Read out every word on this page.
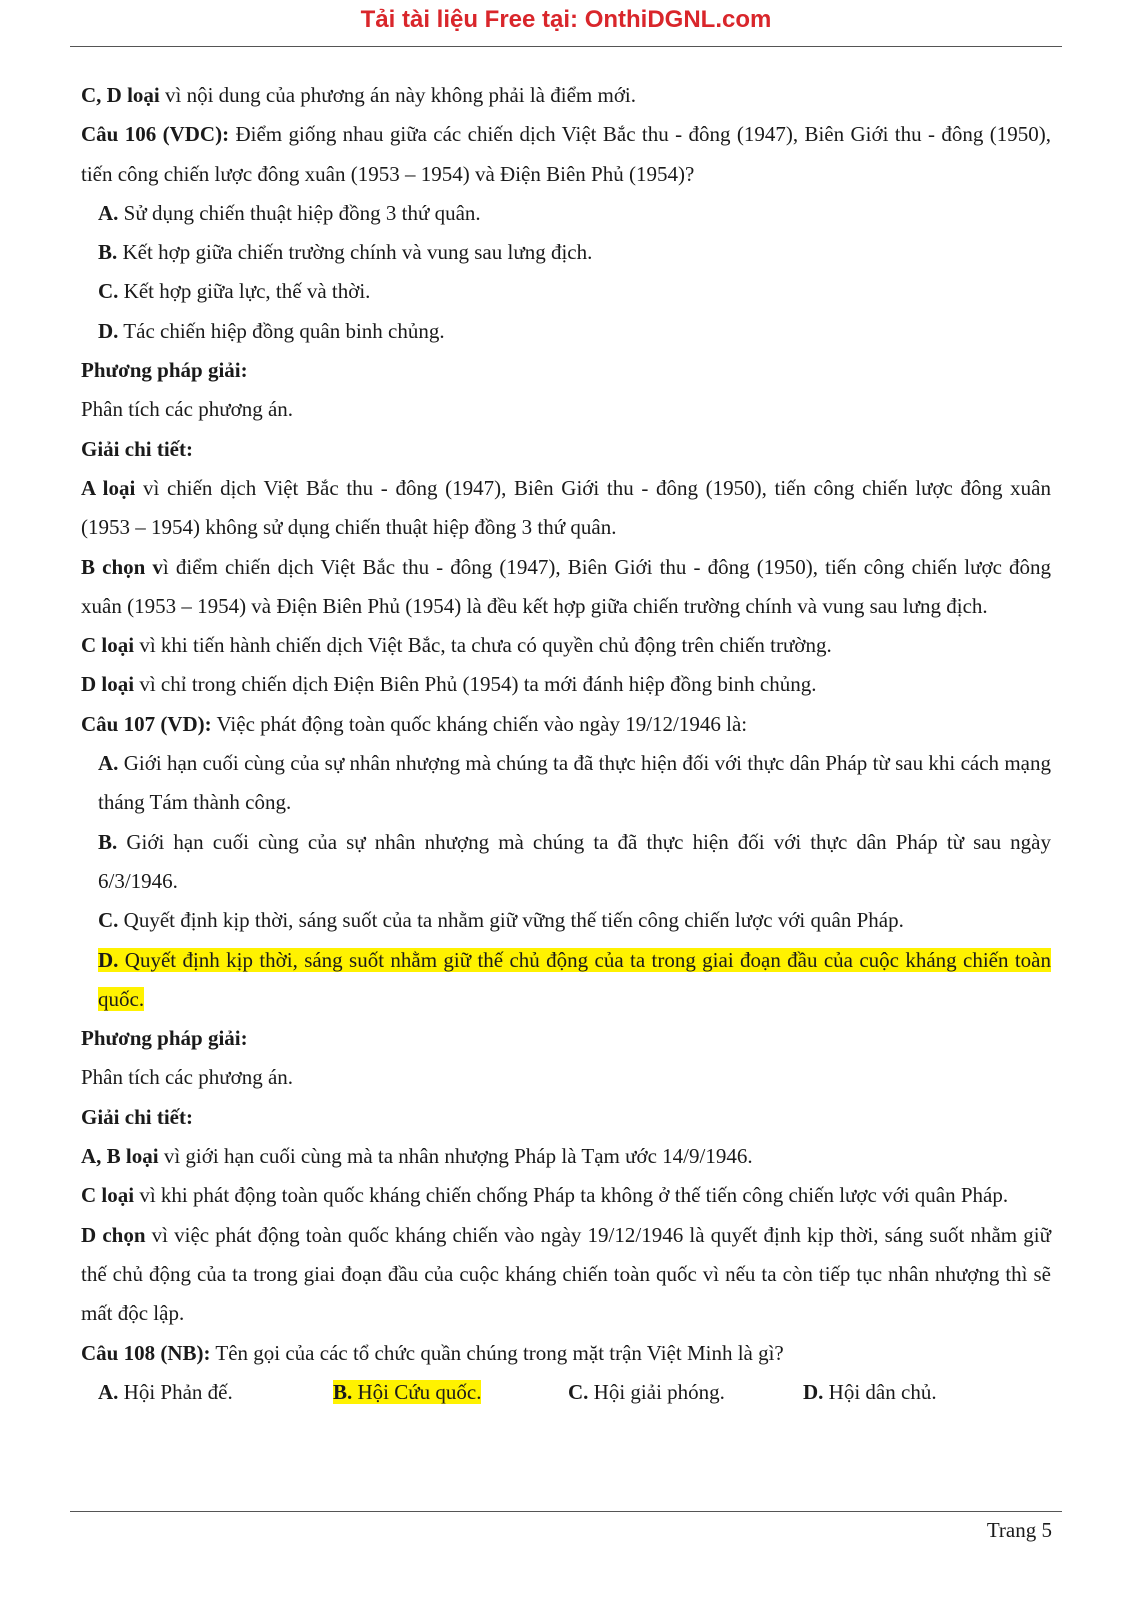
Tải tài liệu Free tại: OnthiDGNL.com
C, D loại vì nội dung của phương án này không phải là điểm mới.
Câu 106 (VDC): Điểm giống nhau giữa các chiến dịch Việt Bắc thu - đông (1947), Biên Giới thu - đông (1950), tiến công chiến lược đông xuân (1953 – 1954) và Điện Biên Phủ (1954)?
A. Sử dụng chiến thuật hiệp đồng 3 thứ quân.
B. Kết hợp giữa chiến trường chính và vung sau lưng địch.
C. Kết hợp giữa lực, thế và thời.
D. Tác chiến hiệp đồng quân binh chủng.
Phương pháp giải:
Phân tích các phương án.
Giải chi tiết:
A loại vì chiến dịch Việt Bắc thu - đông (1947), Biên Giới thu - đông (1950), tiến công chiến lược đông xuân (1953 – 1954) không sử dụng chiến thuật hiệp đồng 3 thứ quân.
B chọn vì điểm chiến dịch Việt Bắc thu - đông (1947), Biên Giới thu - đông (1950), tiến công chiến lược đông xuân (1953 – 1954) và Điện Biên Phủ (1954) là đều kết hợp giữa chiến trường chính và vung sau lưng địch.
C loại vì khi tiến hành chiến dịch Việt Bắc, ta chưa có quyền chủ động trên chiến trường.
D loại vì chỉ trong chiến dịch Điện Biên Phủ (1954) ta mới đánh hiệp đồng binh chủng.
Câu 107 (VD): Việc phát động toàn quốc kháng chiến vào ngày 19/12/1946 là:
A. Giới hạn cuối cùng của sự nhân nhượng mà chúng ta đã thực hiện đối với thực dân Pháp từ sau khi cách mạng tháng Tám thành công.
B. Giới hạn cuối cùng của sự nhân nhượng mà chúng ta đã thực hiện đối với thực dân Pháp từ sau ngày 6/3/1946.
C. Quyết định kịp thời, sáng suốt của ta nhằm giữ vững thế tiến công chiến lược với quân Pháp.
D. Quyết định kịp thời, sáng suốt nhằm giữ thế chủ động của ta trong giai đoạn đầu của cuộc kháng chiến toàn quốc.
Phương pháp giải:
Phân tích các phương án.
Giải chi tiết:
A, B loại vì giới hạn cuối cùng mà ta nhân nhượng Pháp là Tạm ước 14/9/1946.
C loại vì khi phát động toàn quốc kháng chiến chống Pháp ta không ở thế tiến công chiến lược với quân Pháp.
D chọn vì việc phát động toàn quốc kháng chiến vào ngày 19/12/1946 là quyết định kịp thời, sáng suốt nhằm giữ thế chủ động của ta trong giai đoạn đầu của cuộc kháng chiến toàn quốc vì nếu ta còn tiếp tục nhân nhượng thì sẽ mất độc lập.
Câu 108 (NB): Tên gọi của các tổ chức quần chúng trong mặt trận Việt Minh là gì?
A. Hội Phản đế.	B. Hội Cứu quốc.	C. Hội giải phóng.	D. Hội dân chủ.
Trang 5
